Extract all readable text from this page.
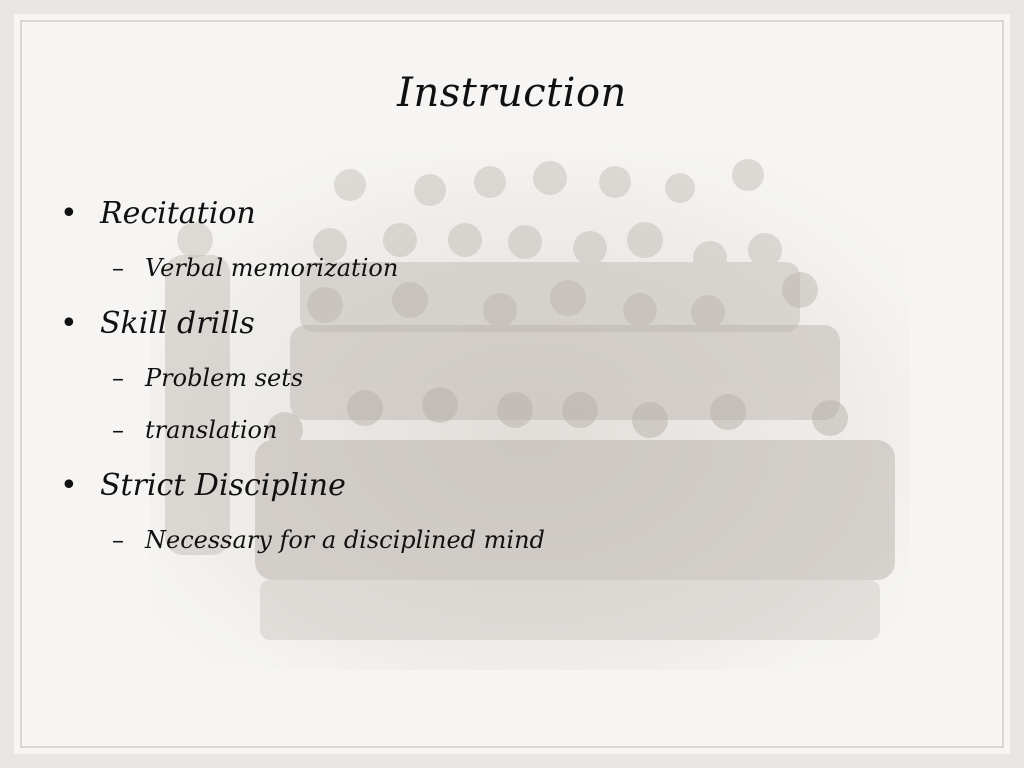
Instruction
• Recitation
– Verbal memorization
• Skill drills
– Problem sets
– translation
• Strict Discipline
– Necessary for a disciplined mind
